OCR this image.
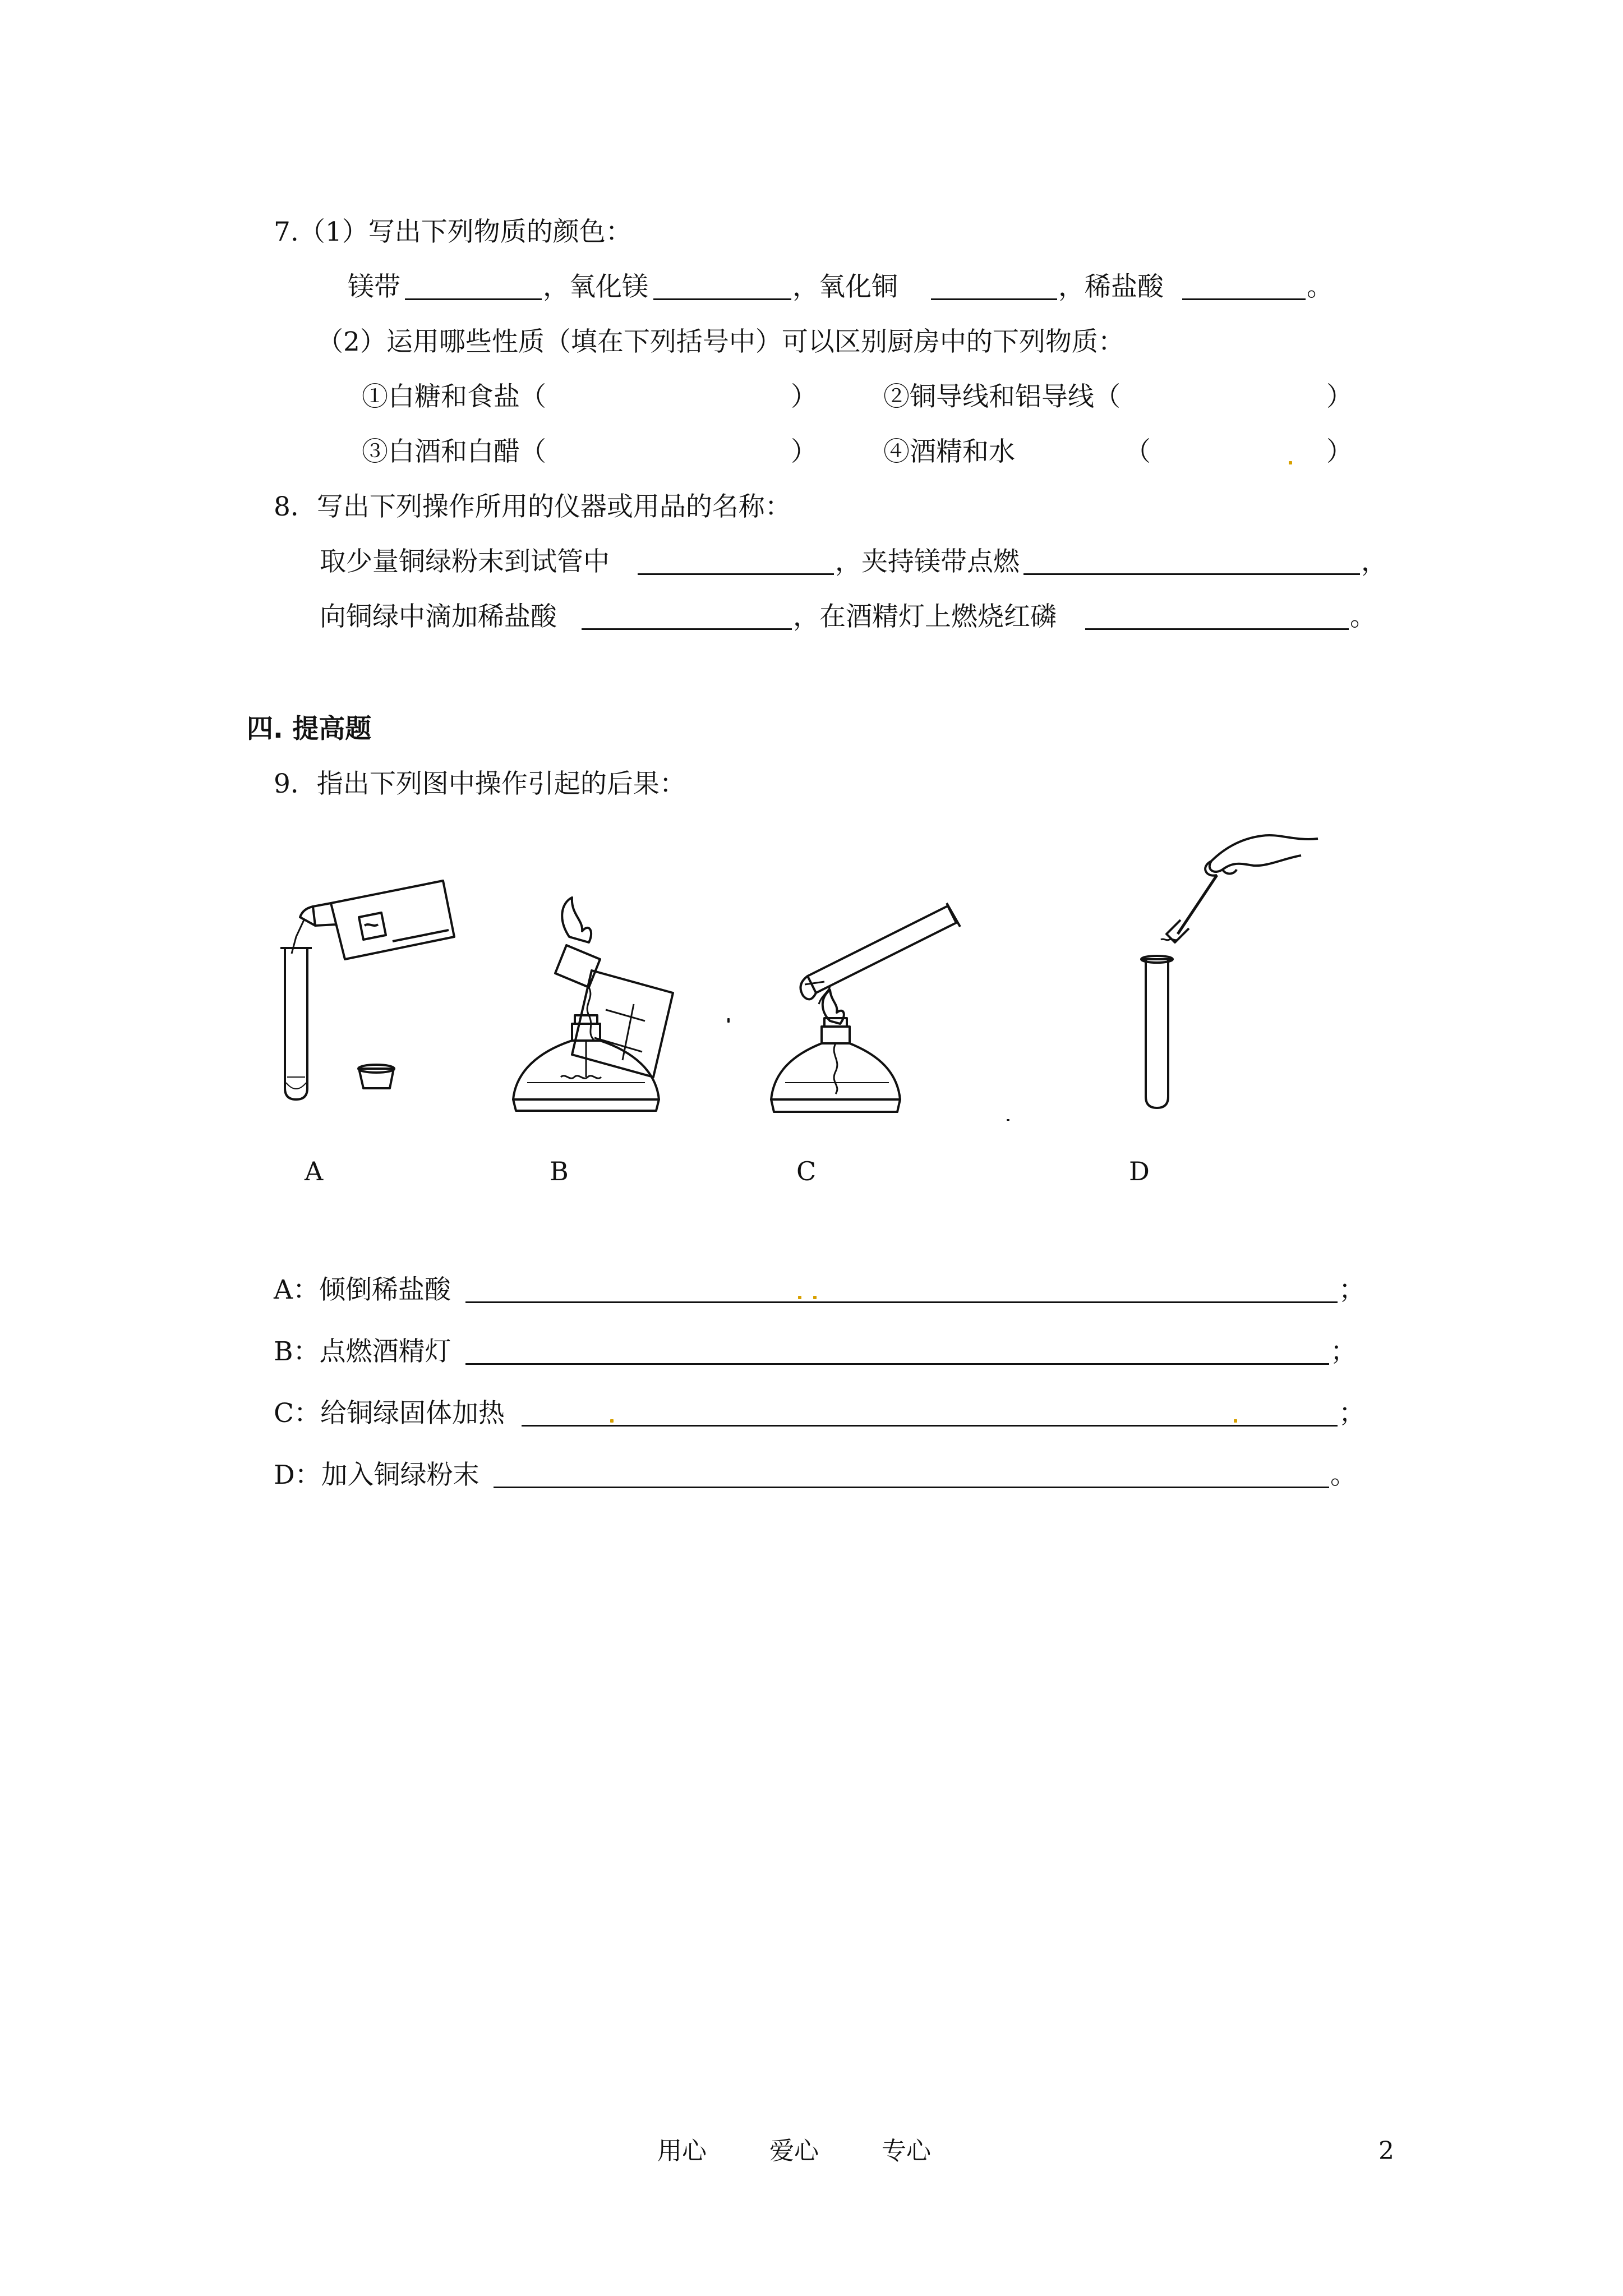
7.（1）写出下列物质的颜色：
镁带	，氧化镁	，氧化铜	，稀盐酸	。
（2）运用哪些性质（填在下列括号中）可以区别厨房中的下列物质：
①白糖和食盐（	）	②铜导线和铝导线（	）
③白酒和白醋（	）	④酒精和水	（	）
8．写出下列操作所用的仪器或用品的名称：
取少量铜绿粉末到试管中	，夹持镁带点燃	，
向铜绿中滴加稀盐酸	，在酒精灯上燃烧红磷	。
四. 提高题
9．指出下列图中操作引起的后果：
A	B	C	D
A：倾倒稀盐酸	；
B：点燃酒精灯	；
C：给铜绿固体加热	；
D：加入铜绿粉末	。
用心	爱心	专心	2
